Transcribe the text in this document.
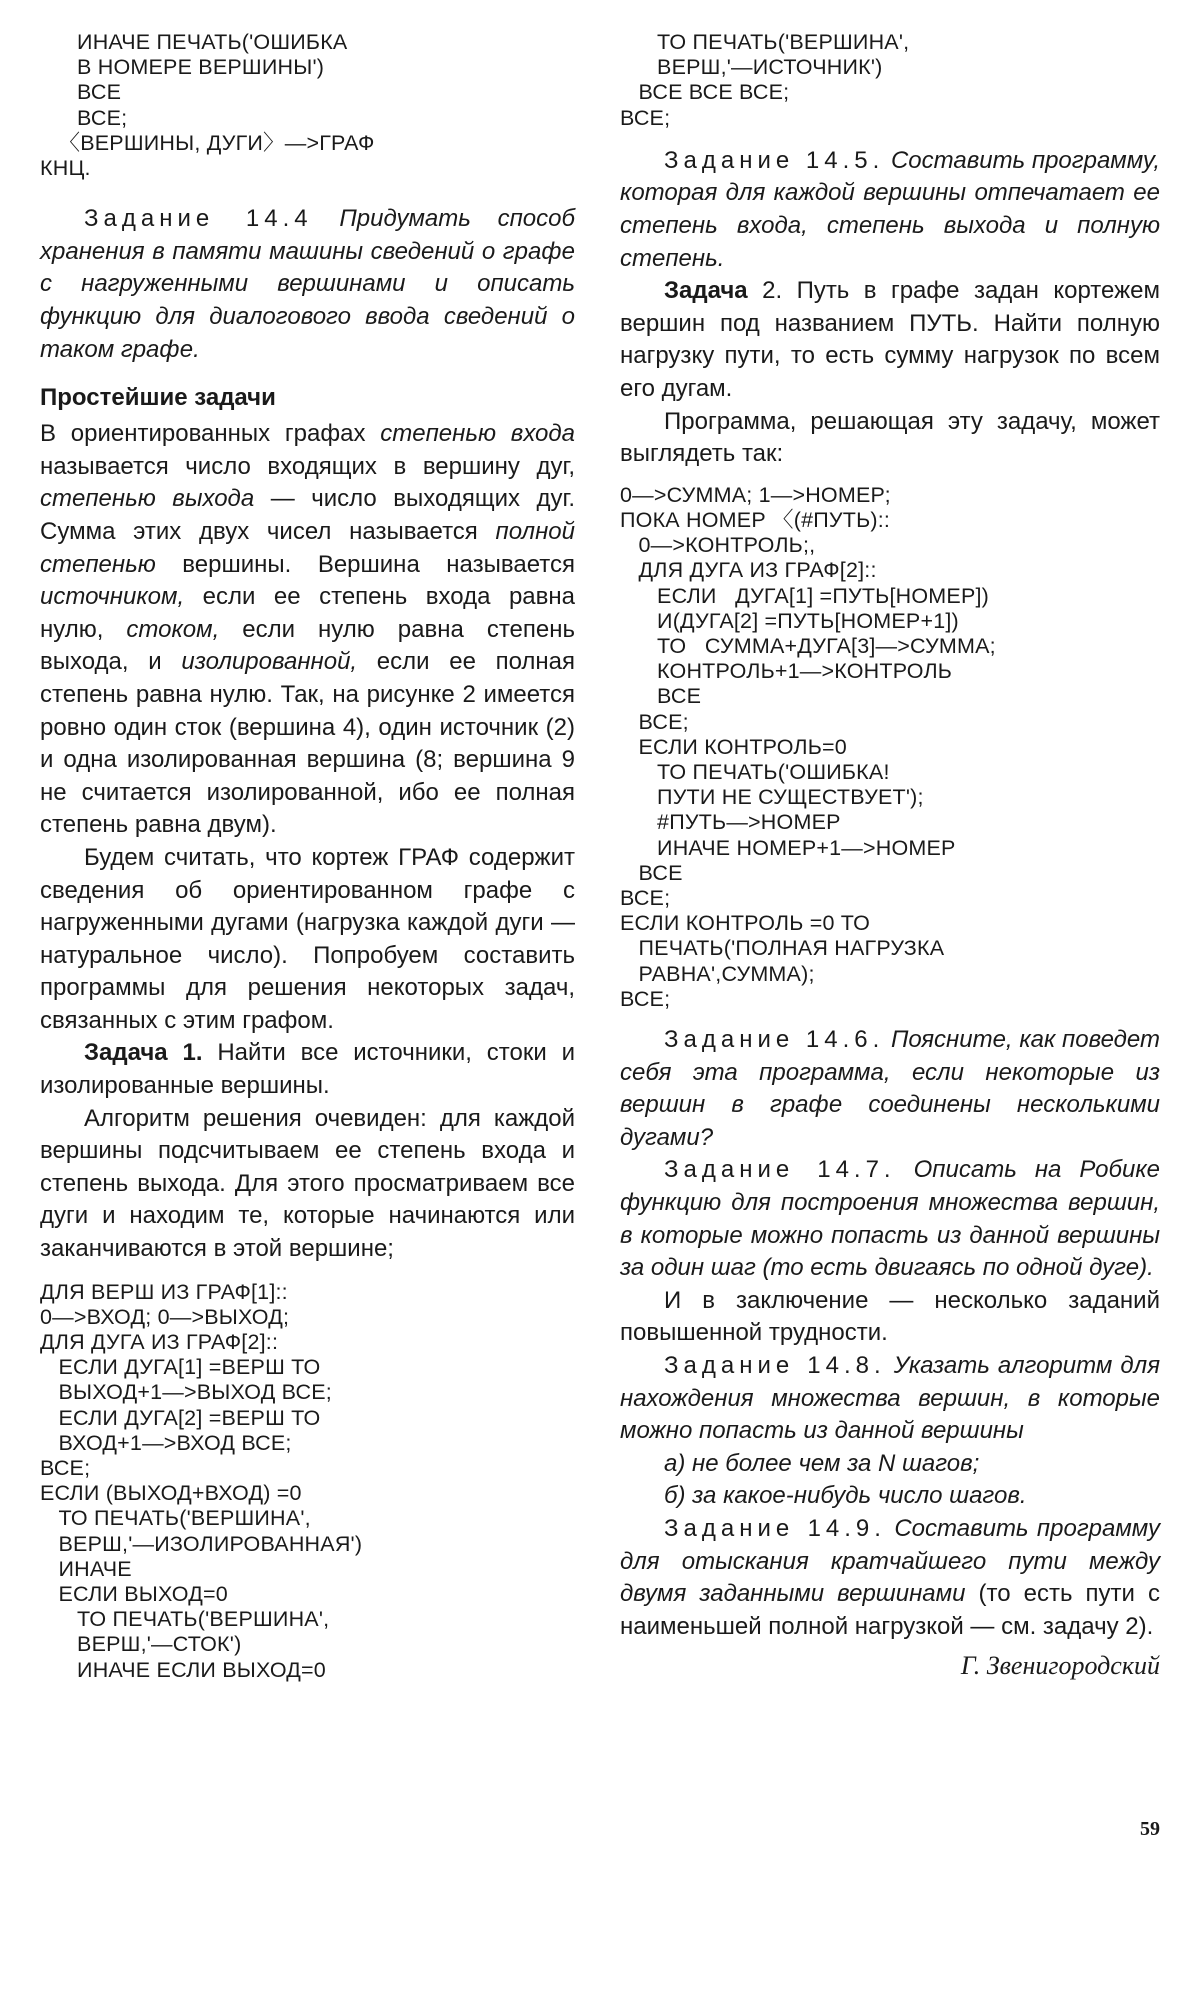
ИНАЧЕ ПЕЧАТЬ('ОШИБКА
В НОМЕРЕ ВЕРШИНЫ')
ВСЕ
ВСЕ;
〈ВЕРШИНЫ, ДУГИ〉—>ГРАФ
КНЦ.

Задание 14.4 Придумать способ хранения в памяти машины сведений о графе с нагруженными вершинами и описать функцию для диалогового ввода сведений о таком графе.

Простейшие задачи

В ориентированных графах степенью входа называется число входящих в вершину дуг, степенью выхода — число выходящих дуг. Сумма этих двух чисел называется полной степенью вершины. Вершина называется источником, если ее степень входа равна нулю, стоком, если нулю равна степень выхода, и изолированной, если ее полная степень равна нулю. Так, на рисунке 2 имеется ровно один сток (вершина 4), один источник (2) и одна изолированная вершина (8; вершина 9 не считается изолированной, ибо ее полная степень равна двум).

Будем считать, что кортеж ГРАФ содержит сведения об ориентированном графе с нагруженными дугами (нагрузка каждой дуги — натуральное число). Попробуем составить программы для решения некоторых задач, связанных с этим графом.

Задача 1. Найти все источники, стоки и изолированные вершины.

Алгоритм решения очевиден: для каждой вершины подсчитываем ее степень входа и степень выхода. Для этого просматриваем все дуги и находим те, которые начинаются или заканчиваются в этой вершине;

ДЛЯ ВЕРШ ИЗ ГРАФ[1]::
0—>ВХОД; 0—>ВЫХОД;
ДЛЯ ДУГА ИЗ ГРАФ[2]::
ЕСЛИ ДУГА[1] =ВЕРШ ТО
ВЫХОД+1—>ВЫХОД ВСЕ;
ЕСЛИ ДУГА[2] =ВЕРШ ТО
ВХОД+1—>ВХОД ВСЕ;
ВСЕ;
ЕСЛИ (ВЫХОД+ВХОД) =0
ТО ПЕЧАТЬ('ВЕРШИНА',
ВЕРШ,'—ИЗОЛИРОВАННАЯ')
ИНАЧЕ
ЕСЛИ ВЫХОД=0
ТО ПЕЧАТЬ('ВЕРШИНА',
ВЕРШ,'—СТОК')
ИНАЧЕ ЕСЛИ ВЫХОД=0
ТО ПЕЧАТЬ('ВЕРШИНА',
ВЕРШ,'—ИСТОЧНИК')
ВСЕ ВСЕ ВСЕ;
ВСЕ;

Задание 14.5. Составить программу, которая для каждой вершины отпечатает ее степень входа, степень выхода и полную степень.

Задача 2. Путь в графе задан кортежем вершин под названием ПУТЬ. Найти полную нагрузку пути, то есть сумму нагрузок по всем его дугам.

Программа, решающая эту задачу, может выглядеть так:

0—>СУММА; 1—>НОМЕР;
ПОКА НОМЕР 〈(#ПУТЬ)::
0—>КОНТРОЛЬ;,
ДЛЯ ДУГА ИЗ ГРАФ[2]::
ЕСЛИ   ДУГА[1] =ПУТЬ[НОМЕР])
И(ДУГА[2] =ПУТЬ[НОМЕР+1])
ТО   СУММА+ДУГА[3]—>СУММА;
КОНТРОЛЬ+1—>КОНТРОЛЬ
ВСЕ
ВСЕ;
ЕСЛИ КОНТРОЛЬ=0
ТО ПЕЧАТЬ('ОШИБКА!
ПУТИ НЕ СУЩЕСТВУЕТ');
#ПУТЬ—>НОМЕР
ИНАЧЕ НОМЕР+1—>НОМЕР
ВСЕ
ВСЕ;
ЕСЛИ КОНТРОЛЬ =0 ТО
ПЕЧАТЬ('ПОЛНАЯ НАГРУЗКА
РАВНА',СУММА);
ВСЕ;

Задание 14.6. Поясните, как поведет себя эта программа, если некоторые из вершин в графе соединены несколькими дугами?

Задание 14.7. Описать на Робике функцию для построения множества вершин, в которые можно попасть из данной вершины за один шаг (то есть двигаясь по одной дуге).

И в заключение — несколько заданий повышенной трудности.

Задание 14.8. Указать алгоритм для нахождения множества вершин, в которые можно попасть из данной вершины

а) не более чем за N шагов;

б) за какое-нибудь число шагов.

Задание 14.9. Составить программу для отыскания кратчайшего пути между двумя заданными вершинами (то есть пути с наименьшей полной нагрузкой — см. задачу 2).

Г. Звенигородский
59
